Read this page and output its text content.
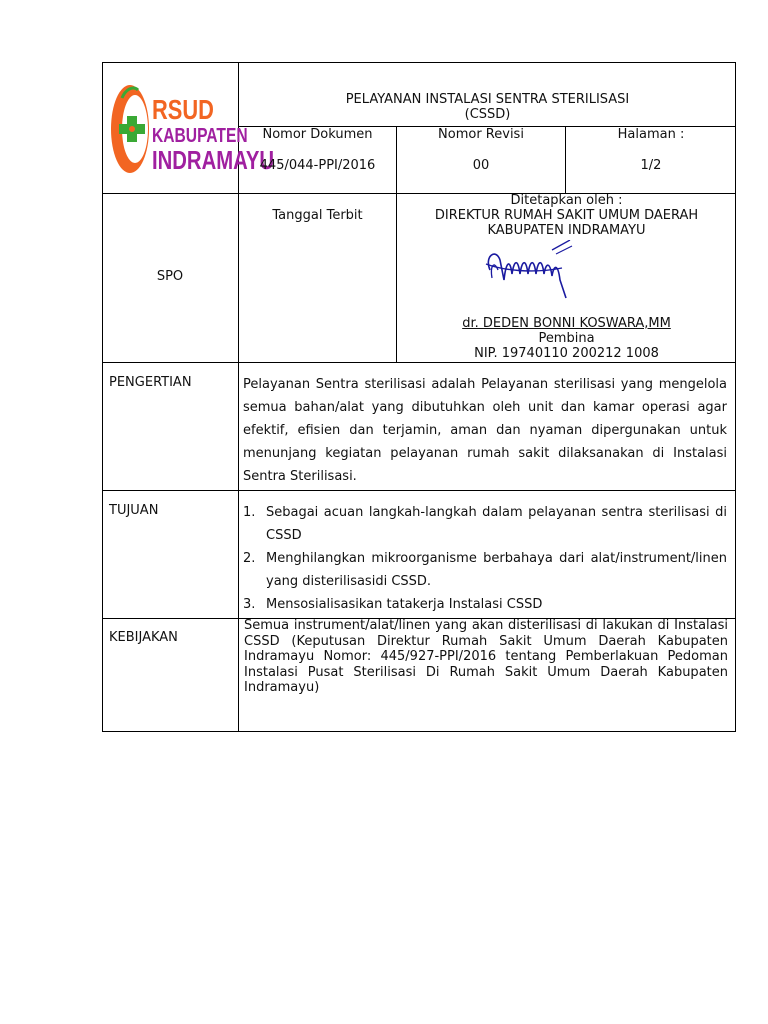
RSUD
KABUPATEN
INDRAMAYU
PELAYANAN INSTALASI SENTRA STERILISASI
(CSSD)
Nomor Dokumen
445/044-PPI/2016
Nomor Revisi
00
Halaman :
1/2
SPO
Tanggal Terbit
Ditetapkan oleh :
DIREKTUR RUMAH SAKIT UMUM DAERAH
KABUPATEN INDRAMAYU
dr. DEDEN BONNI KOSWARA,MM
Pembina
NIP. 19740110 200212 1008
PENGERTIAN	Pelayanan Sentra sterilisasi adalah Pelayanan sterilisasi yang mengelola semua bahan/alat yang dibutuhkan oleh unit dan kamar operasi agar efektif, efisien dan terjamin, aman dan nyaman dipergunakan untuk menunjang kegiatan pelayanan rumah sakit dilaksanakan di Instalasi Sentra Sterilisasi.
TUJUAN	1. Sebagai acuan langkah-langkah dalam pelayanan sentra sterilisasi di CSSD
2. Menghilangkan mikroorganisme berbahaya dari alat/instrument/linen yang disterilisasidi CSSD.
3. Mensosialisasikan tatakerja Instalasi CSSD
KEBIJAKAN
Semua instrument/alat/linen yang akan disterilisasi di lakukan di Instalasi CSSD (Keputusan Direktur Rumah Sakit Umum Daerah Kabupaten Indramayu Nomor: 445/927-PPI/2016 tentang Pemberlakuan Pedoman Instalasi Pusat Sterilisasi Di Rumah Sakit Umum Daerah Kabupaten Indramayu)
